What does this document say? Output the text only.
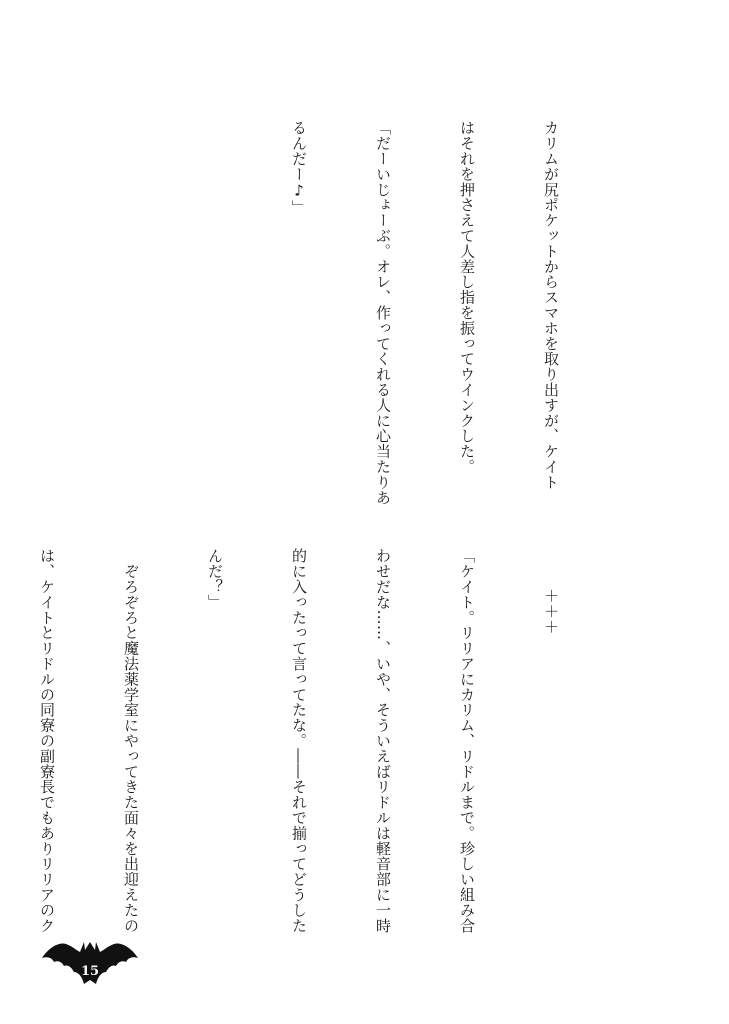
カリムが尻ポケットからスマホを取り出すが、ケイト

はそれを押さえて人差し指を振ってウインクした。

「だーいじょーぶ。オレ、作ってくれる人に心当たりあ

るんだー♪」

＋＋＋

「ケイト。リリアにカリム、リドルまで。珍しい組み合

わせだな……、いや、そういえばリドルは軽音部に一時

的に入ったって言ってたな。――それで揃ってどうした

んだ？」

　ぞろぞろと魔法薬学室にやってきた面々を出迎えたの

は、ケイトとリドルの同寮の副寮長でもありリリアのク

15
